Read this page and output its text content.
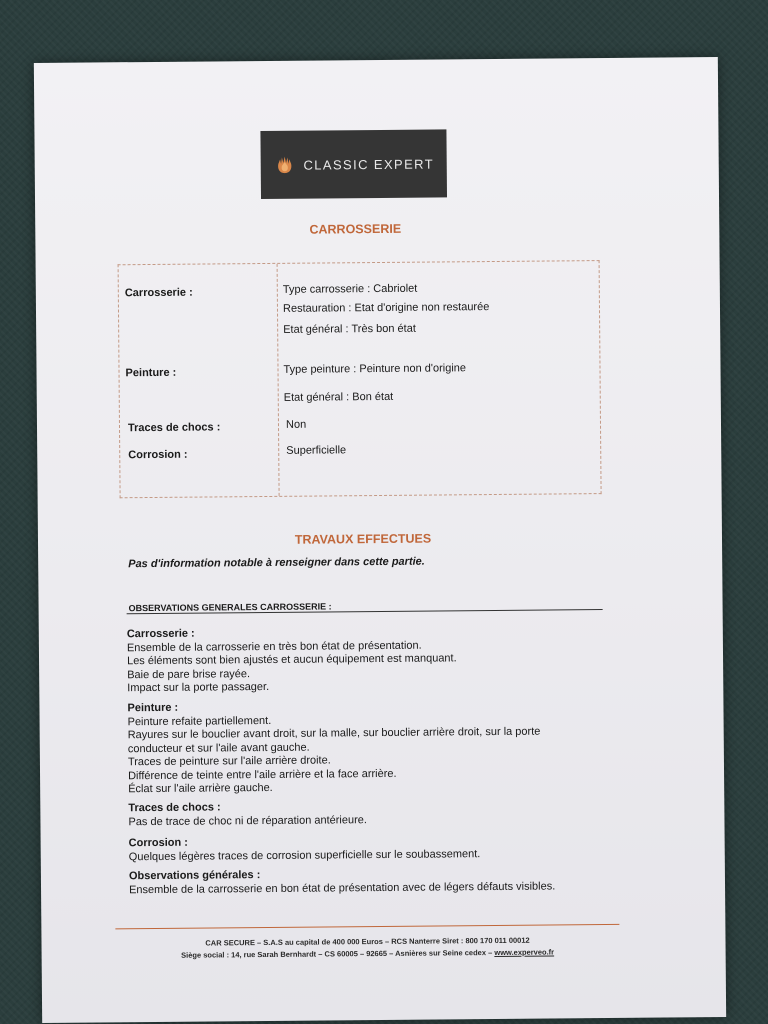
CLASSIC EXPERT
CARROSSERIE
Carrosserie :	Type carrosserie : Cabriolet
Restauration : Etat d'origine non restaurée
Etat général : Très bon état
Peinture :	Type peinture : Peinture non d'origine
Etat général : Bon état
Traces de chocs :	Non
Corrosion :	Superficielle
TRAVAUX EFFECTUES
Pas d'information notable à renseigner dans cette partie.
OBSERVATIONS GENERALES CARROSSERIE :
Carrosserie :
Ensemble de la carrosserie en très bon état de présentation.
Les éléments sont bien ajustés et aucun équipement est manquant.
Baie de pare brise rayée.
Impact sur la porte passager.
Peinture :
Peinture refaite partiellement.
Rayures sur le bouclier avant droit, sur la malle, sur bouclier arrière droit, sur la porte
conducteur et sur l'aile avant gauche.
Traces de peinture sur l'aile arrière droite.
Différence de teinte entre l'aile arrière et la face arrière.
Éclat sur l'aile arrière gauche.
Traces de chocs :
Pas de trace de choc ni de réparation antérieure.
Corrosion :
Quelques légères traces de corrosion superficielle sur le soubassement.
Observations générales :
Ensemble de la carrosserie en bon état de présentation avec de légers défauts visibles.
CAR SECURE – S.A.S au capital de 400 000 Euros – RCS Nanterre Siret : 800 170 011 00012
Siège social : 14, rue Sarah Bernhardt – CS 60005 – 92665 – Asnières sur Seine cedex – www.experveo.fr
